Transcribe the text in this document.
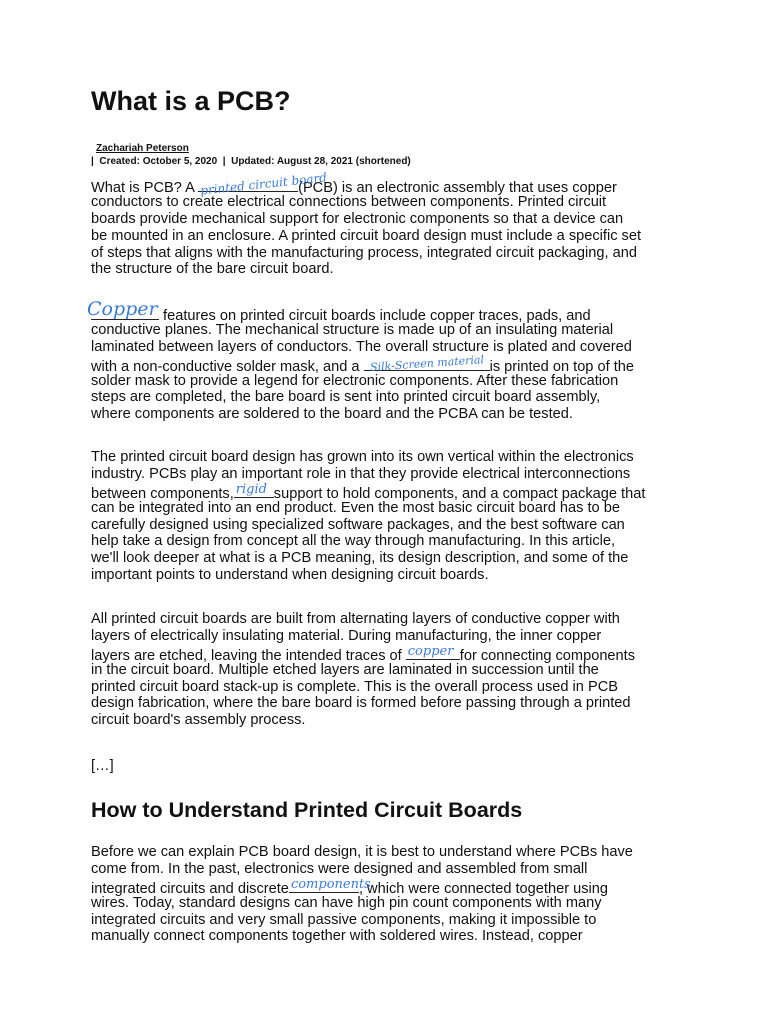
What is a PCB?
Zachariah Peterson
|  Created: October 5, 2020  |  Updated: August 28, 2021 (shortened)
What is PCB? A printed circuit board
(PCB) is an electronic assembly that uses copper
conductors to create electrical connections between components. Printed circuit
boards provide mechanical support for electronic components so that a device can
be mounted in an enclosure. A printed circuit board design must include a specific set
of steps that aligns with the manufacturing process, integrated circuit packaging, and
the structure of the bare circuit board.
Copper features on printed circuit boards include copper traces, pads, and
conductive planes. The mechanical structure is made up of an insulating material
laminated between layers of conductors. The overall structure is plated and covered
with a non-conductive solder mask, and a Silk-Screen material is printed on top of the
solder mask to provide a legend for electronic components. After these fabrication
steps are completed, the bare board is sent into printed circuit board assembly,
where components are soldered to the board and the PCBA can be tested.
The printed circuit board design has grown into its own vertical within the electronics
industry. PCBs play an important role in that they provide electrical interconnections
between components, rigid support to hold components, and a compact package that
can be integrated into an end product. Even the most basic circuit board has to be
carefully designed using specialized software packages, and the best software can
help take a design from concept all the way through manufacturing. In this article,
we'll look deeper at what is a PCB meaning, its design description, and some of the
important points to understand when designing circuit boards.
All printed circuit boards are built from alternating layers of conductive copper with
layers of electrically insulating material. During manufacturing, the inner copper
layers are etched, leaving the intended traces of copper for connecting components
in the circuit board. Multiple etched layers are laminated in succession until the
printed circuit board stack-up is complete. This is the overall process used in PCB
design fabrication, where the bare board is formed before passing through a printed
circuit board's assembly process.
[…]
How to Understand Printed Circuit Boards
Before we can explain PCB board design, it is best to understand where PCBs have
come from. In the past, electronics were designed and assembled from small
integrated circuits and discrete components
, which were connected together using
wires. Today, standard designs can have high pin count components with many
integrated circuits and very small passive components, making it impossible to
manually connect components together with soldered wires. Instead, copper
